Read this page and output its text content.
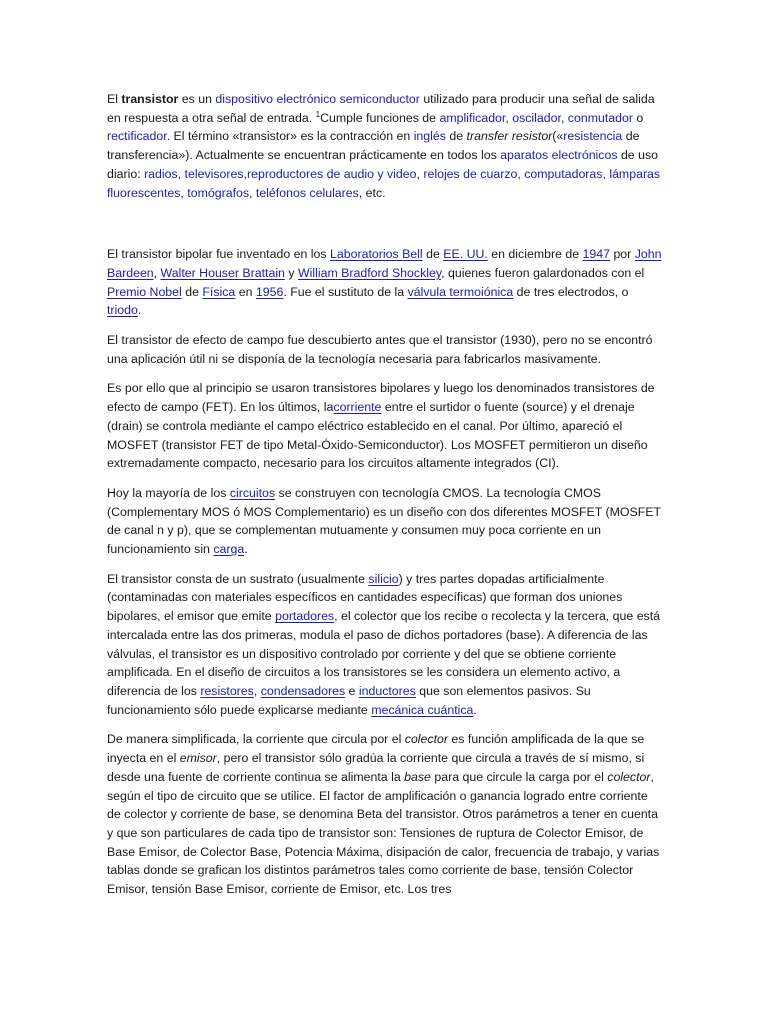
El transistor es un dispositivo electrónico semiconductor utilizado para producir una señal de salida en respuesta a otra señal de entrada. $^1$Cumple funciones de amplificador, oscilador, conmutador o rectificador. El término «transistor» es la contracción en inglés de transfer resistor(«resistencia de transferencia»). Actualmente se encuentran prácticamente en todos los aparatos electrónicos de uso diario: radios, televisores,reproductores de audio y video, relojes de cuarzo, computadoras, lámparas fluorescentes, tomógrafos, teléfonos celulares, etc.

El transistor bipolar fue inventado en los Laboratorios Bell de EE. UU. en diciembre de 1947 por John Bardeen, Walter Houser Brattain y William Bradford Shockley, quienes fueron galardonados con el Premio Nobel de Física en 1956. Fue el sustituto de la válvula termoiónica de tres electrodos, o triodo.

El transistor de efecto de campo fue descubierto antes que el transistor (1930), pero no se encontró una aplicación útil ni se disponía de la tecnología necesaria para fabricarlos masivamente.

Es por ello que al principio se usaron transistores bipolares y luego los denominados transistores de efecto de campo (FET). En los últimos, lacorriente entre el surtidor o fuente (source) y el drenaje (drain) se controla mediante el campo eléctrico establecido en el canal. Por último, apareció el MOSFET (transistor FET de tipo Metal-Óxido-Semiconductor). Los MOSFET permitieron un diseño extremadamente compacto, necesario para los circuitos altamente integrados (CI).

Hoy la mayoría de los circuitos se construyen con tecnología CMOS. La tecnología CMOS (Complementary MOS ó MOS Complementario) es un diseño con dos diferentes MOSFET (MOSFET de canal n y p), que se complementan mutuamente y consumen muy poca corriente en un funcionamiento sin carga.

El transistor consta de un sustrato (usualmente silicio) y tres partes dopadas artificialmente (contaminadas con materiales específicos en cantidades específicas) que forman dos uniones bipolares, el emisor que emite portadores, el colector que los recibe o recolecta y la tercera, que está intercalada entre las dos primeras, modula el paso de dichos portadores (base). A diferencia de las válvulas, el transistor es un dispositivo controlado por corriente y del que se obtiene corriente amplificada. En el diseño de circuitos a los transistores se les considera un elemento activo, a diferencia de los resistores, condensadores e inductores que son elementos pasivos. Su funcionamiento sólo puede explicarse mediante mecánica cuántica.

De manera simplificada, la corriente que circula por el colector es función amplificada de la que se inyecta en el emisor, pero el transistor sólo gradúa la corriente que circula a través de sí mismo, si desde una fuente de corriente continua se alimenta la base para que circule la carga por el colector, según el tipo de circuito que se utilice. El factor de amplificación o ganancia logrado entre corriente de colector y corriente de base, se denomina Beta del transistor. Otros parámetros a tener en cuenta y que son particulares de cada tipo de transistor son: Tensiones de ruptura de Colector Emisor, de Base Emisor, de Colector Base, Potencia Máxima, disipación de calor, frecuencia de trabajo, y varias tablas donde se grafican los distintos parámetros tales como corriente de base, tensión Colector Emisor, tensión Base Emisor, corriente de Emisor, etc. Los tres
